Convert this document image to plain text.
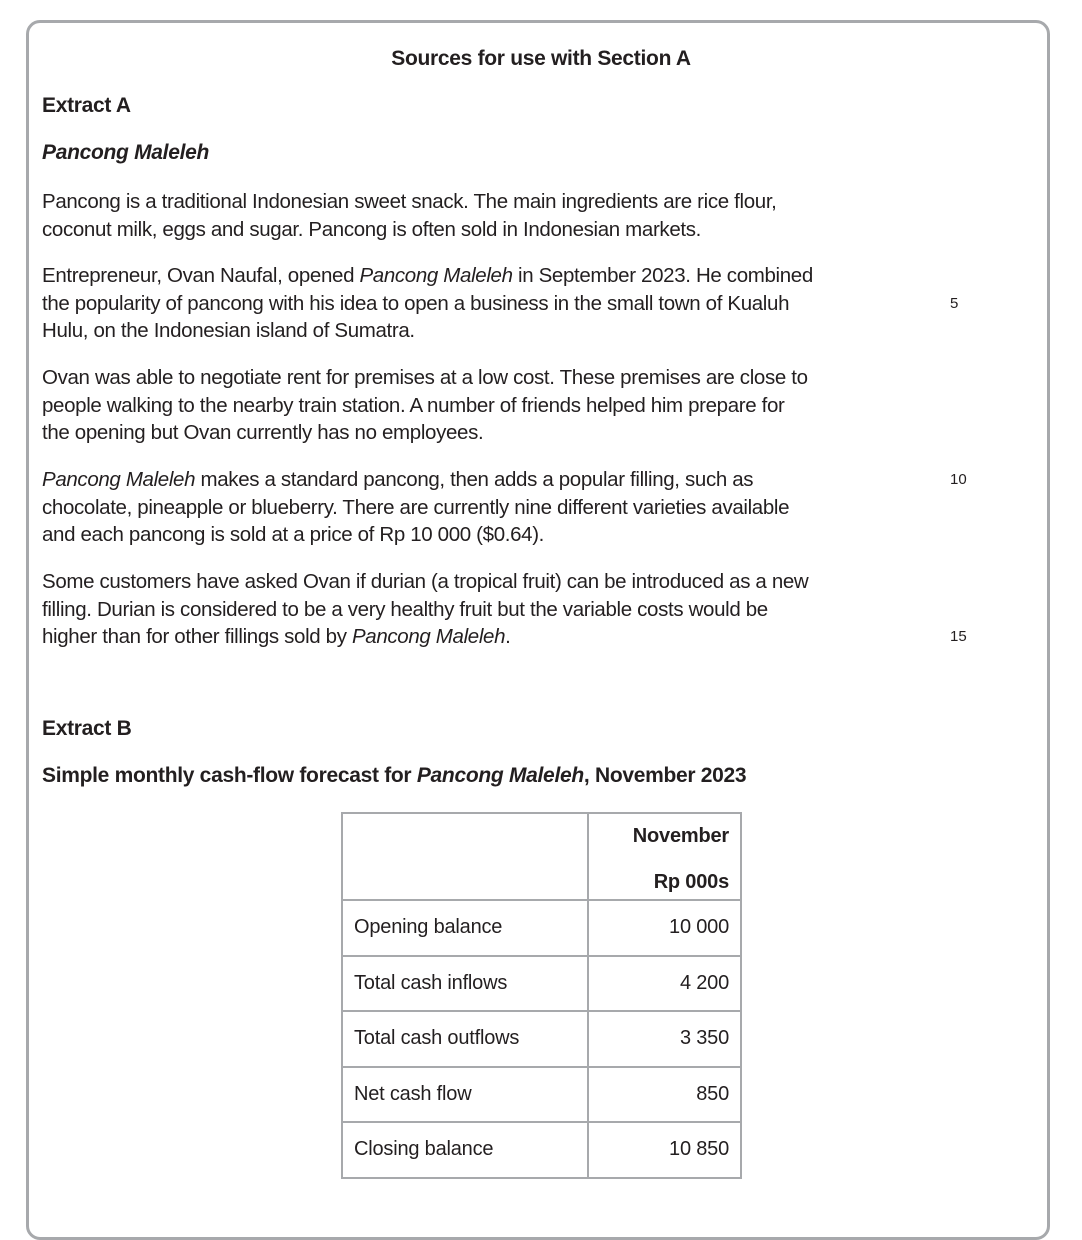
Sources for use with Section A
Extract A
Pancong Maleleh
Pancong is a traditional Indonesian sweet snack. The main ingredients are rice flour,
coconut milk, eggs and sugar. Pancong is often sold in Indonesian markets.
Entrepreneur, Ovan Naufal, opened Pancong Maleleh in September 2023. He combined
the popularity of pancong with his idea to open a business in the small town of Kualuh
Hulu, on the Indonesian island of Sumatra.
Ovan was able to negotiate rent for premises at a low cost. These premises are close to
people walking to the nearby train station. A number of friends helped him prepare for
the opening but Ovan currently has no employees.
Pancong Maleleh makes a standard pancong, then adds a popular filling, such as
chocolate, pineapple or blueberry. There are currently nine different varieties available
and each pancong is sold at a price of Rp 10 000 ($0.64).
Some customers have asked Ovan if durian (a tropical fruit) can be introduced as a new
filling. Durian is considered to be a very healthy fruit but the variable costs would be
higher than for other fillings sold by Pancong Maleleh.
5
10
15
Extract B
Simple monthly cash-flow forecast for Pancong Maleleh, November 2023
	November
Rp 000s

Opening balance	10 000
Total cash inflows	4 200
Total cash outflows	3 350
Net cash flow	850
Closing balance	10 850
